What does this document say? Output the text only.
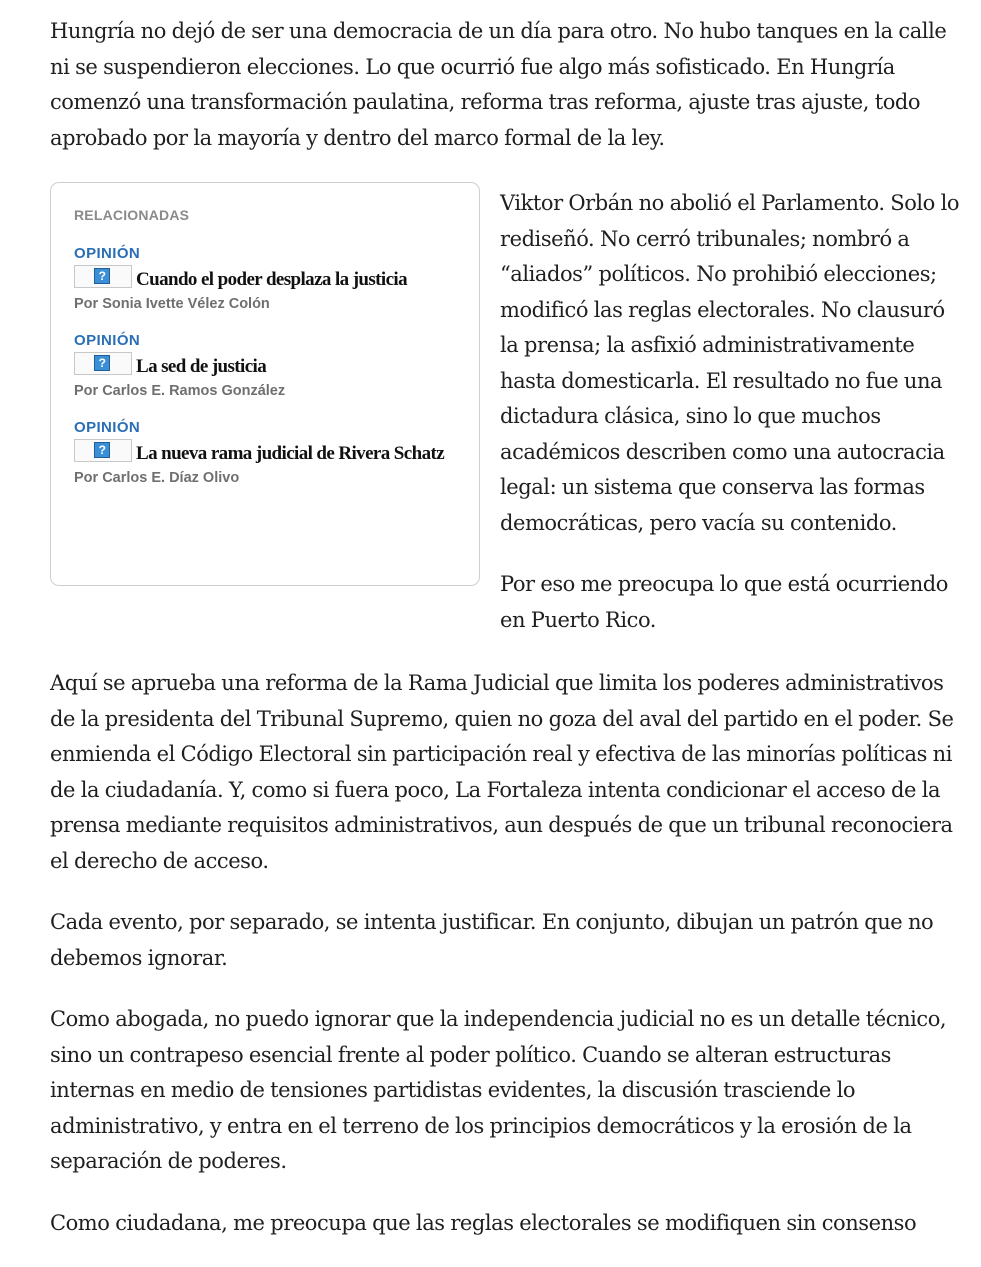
Hungría no dejó de ser una democracia de un día para otro. No hubo tanques en la calle ni se suspendieron elecciones. Lo que ocurrió fue algo más sofisticado. En Hungría comenzó una transformación paulatina, reforma tras reforma, ajuste tras ajuste, todo aprobado por la mayoría y dentro del marco formal de la ley.

RELACIONADAS
OPINIÓN
? Cuando el poder desplaza la justicia
Por Sonia Ivette Vélez Colón
OPINIÓN
? La sed de justicia
Por Carlos E. Ramos González
OPINIÓN
? La nueva rama judicial de Rivera Schatz
Por Carlos E. Díaz Olivo

Viktor Orbán no abolió el Parlamento. Solo lo rediseñó. No cerró tribunales; nombró a “aliados” políticos. No prohibió elecciones; modificó las reglas electorales. No clausuró la prensa; la asfixió administrativamente hasta domesticarla. El resultado no fue una dictadura clásica, sino lo que muchos académicos describen como una autocracia legal: un sistema que conserva las formas democráticas, pero vacía su contenido.

Por eso me preocupa lo que está ocurriendo en Puerto Rico.

Aquí se aprueba una reforma de la Rama Judicial que limita los poderes administrativos de la presidenta del Tribunal Supremo, quien no goza del aval del partido en el poder. Se enmienda el Código Electoral sin participación real y efectiva de las minorías políticas ni de la ciudadanía. Y, como si fuera poco, La Fortaleza intenta condicionar el acceso de la prensa mediante requisitos administrativos, aun después de que un tribunal reconociera el derecho de acceso.

Cada evento, por separado, se intenta justificar. En conjunto, dibujan un patrón que no debemos ignorar.

Como abogada, no puedo ignorar que la independencia judicial no es un detalle técnico, sino un contrapeso esencial frente al poder político. Cuando se alteran estructuras internas en medio de tensiones partidistas evidentes, la discusión trasciende lo administrativo, y entra en el terreno de los principios democráticos y la erosión de la separación de poderes.

Como ciudadana, me preocupa que las reglas electorales se modifiquen sin consenso
